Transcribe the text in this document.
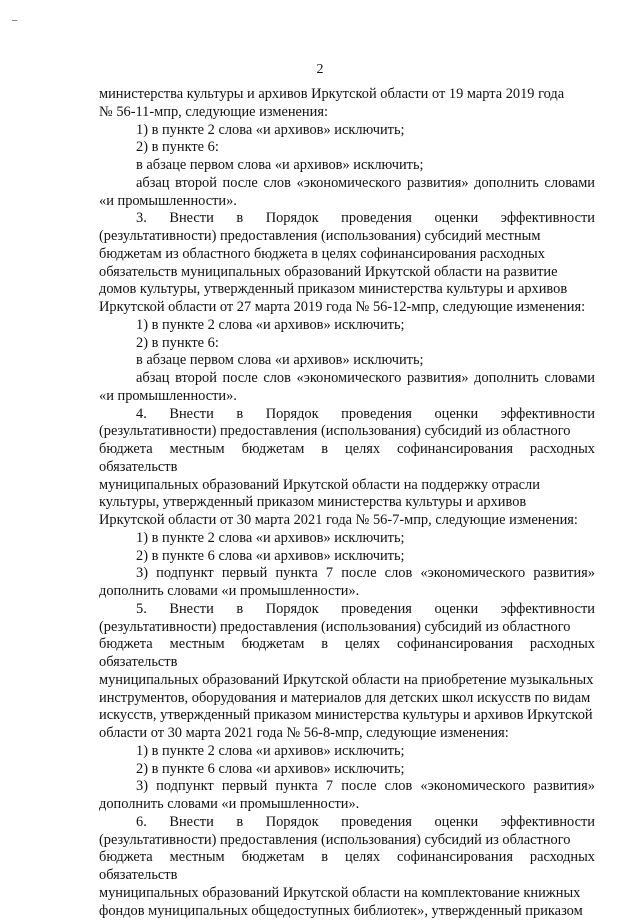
–
2

министерства культуры и архивов Иркутской области от 19 марта 2019 года

№ 56-11-мпр, следующие изменения:

1) в пункте 2 слова «и архивов» исключить;

2) в пункте 6:

в абзаце первом слова «и архивов» исключить;

абзац второй после слов «экономического развития» дополнить словами

«и промышленности».

3. Внести в Порядок проведения оценки эффективности

(результативности) предоставления (использования) субсидий местным

бюджетам из областного бюджета в целях софинансирования расходных

обязательств муниципальных образований Иркутской области на развитие

домов культуры, утвержденный приказом министерства культуры и архивов

Иркутской области от 27 марта 2019 года № 56-12-мпр, следующие изменения:

1) в пункте 2 слова «и архивов» исключить;

2) в пункте 6:

в абзаце первом слова «и архивов» исключить;

абзац второй после слов «экономического развития» дополнить словами

«и промышленности».

4. Внести в Порядок проведения оценки эффективности

(результативности) предоставления (использования) субсидий из областного

бюджета местным бюджетам в целях софинансирования расходных обязательств

муниципальных образований Иркутской области на поддержку отрасли

культуры, утвержденный приказом министерства культуры и архивов

Иркутской области от 30 марта 2021 года № 56-7-мпр, следующие изменения:

1) в пункте 2 слова «и архивов» исключить;

2) в пункте 6 слова «и архивов» исключить;

3) подпункт первый пункта 7 после слов «экономического развития»

дополнить словами «и промышленности».

5. Внести в Порядок проведения оценки эффективности

(результативности) предоставления (использования) субсидий из областного

бюджета местным бюджетам в целях софинансирования расходных обязательств

муниципальных образований Иркутской области на приобретение музыкальных

инструментов, оборудования и материалов для детских школ искусств по видам

искусств, утвержденный приказом министерства культуры и архивов Иркутской

области от 30 марта 2021 года № 56-8-мпр, следующие изменения:

1) в пункте 2 слова «и архивов» исключить;

2) в пункте 6 слова «и архивов» исключить;

3) подпункт первый пункта 7 после слов «экономического развития»

дополнить словами «и промышленности».

6. Внести в Порядок проведения оценки эффективности

(результативности) предоставления (использования) субсидий из областного

бюджета местным бюджетам в целях софинансирования расходных обязательств

муниципальных образований Иркутской области на комплектование книжных

фондов муниципальных общедоступных библиотек», утвержденный приказом
